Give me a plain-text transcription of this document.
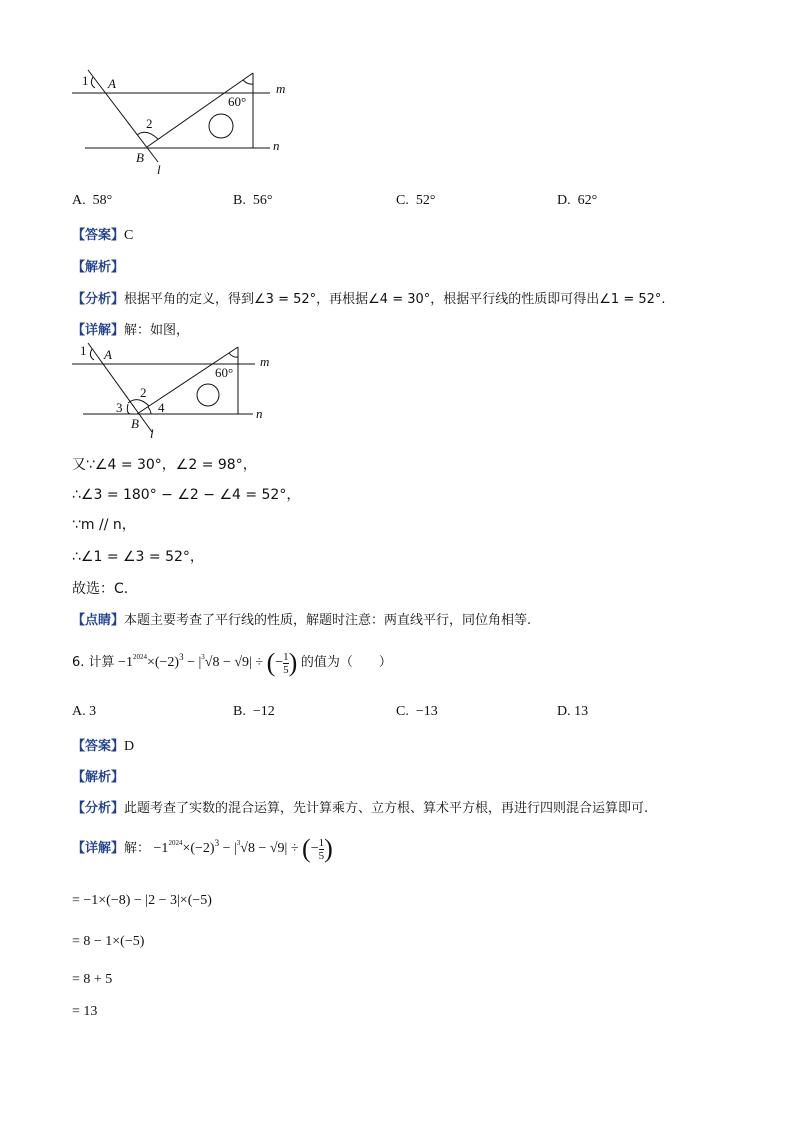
1 A
2
B
l
m
n
60°
A. 58°	B. 56°	C. 52°	D. 62°
【答案】C
【解析】
【分析】根据平角的定义，得到∠3 = 52°，再根据∠4 = 30°，根据平行线的性质即可得出∠1 = 52°.
【详解】解：如图，
1 A
2
3	4
B
l
m
n
60°
又∵∠4 = 30°，∠2 = 98°，
∴∠3 = 180° − ∠2 − ∠4 = 52°，
∵m // n，
∴∠1 = ∠3 = 52°，
故选：C.
【点睛】本题主要考查了平行线的性质，解题时注意：两直线平行，同位角相等.
6. 计算 $-1^{2024}\times(-2)^3 - |^3√8 - √9|$ ÷ (− $\frac{1}{5}$ ) 的值为（　　）
A. 3	B. −12	C. −13	D. 13
【答案】D
【解析】
【分析】此题考查了实数的混合运算，先计算乘方、立方根、算术平方根，再进行四则混合运算即可.
【详解】解： $-1^{2024}\times(-2)^3 - |^3√8 - √9|$ ÷ (− $\frac{1}{5}$ )
= −1×(−8) − |2 − 3|×(−5)
= 8 − 1×(−5)
= 8 + 5
= 13
